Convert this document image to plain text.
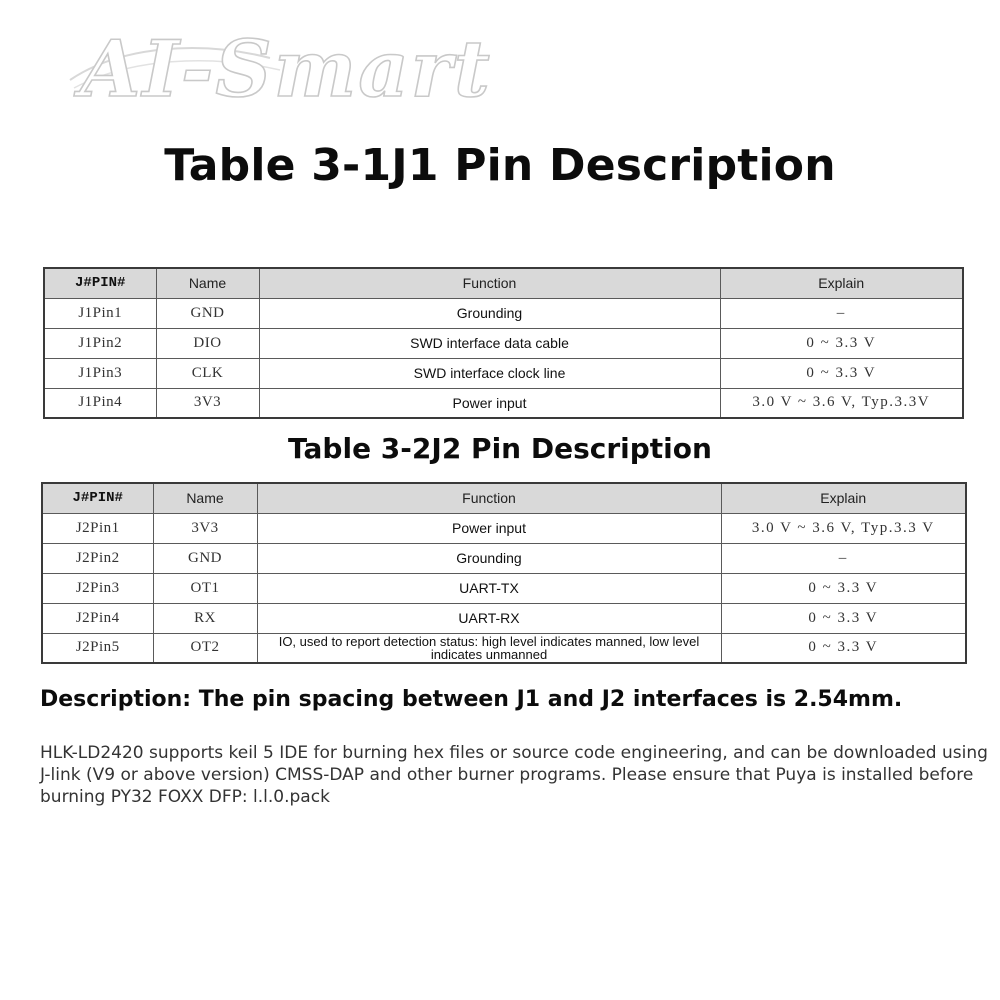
AI-Smart
Table 3-1J1 Pin Description
J#PIN#	Name	Function	Explain
J1Pin1	GND	Grounding	–
J1Pin2	DIO	SWD interface data cable	0 ~ 3.3 V
J1Pin3	CLK	SWD interface clock line	0 ~ 3.3 V
J1Pin4	3V3	Power input	3.0 V ~ 3.6 V, Typ.3.3V
Table 3-2J2 Pin Description
J#PIN#	Name	Function	Explain
J2Pin1	3V3	Power input	3.0 V ~ 3.6 V, Typ.3.3 V
J2Pin2	GND	Grounding	–
J2Pin3	OT1	UART-TX	0 ~ 3.3 V
J2Pin4	RX	UART-RX	0 ~ 3.3 V
J2Pin5	OT2	IO, used to report detection status: high level indicates manned, low level indicates unmanned	0 ~ 3.3 V

Description: The pin spacing between J1 and J2 interfaces is 2.54mm.

HLK-LD2420 supports keil 5 IDE for burning hex files or source code engineering, and can be downloaded using J-link (V9 or above version) CMSS-DAP and other burner programs. Please ensure that Puya is installed before burning PY32 FOXX DFP: l.l.0.pack
